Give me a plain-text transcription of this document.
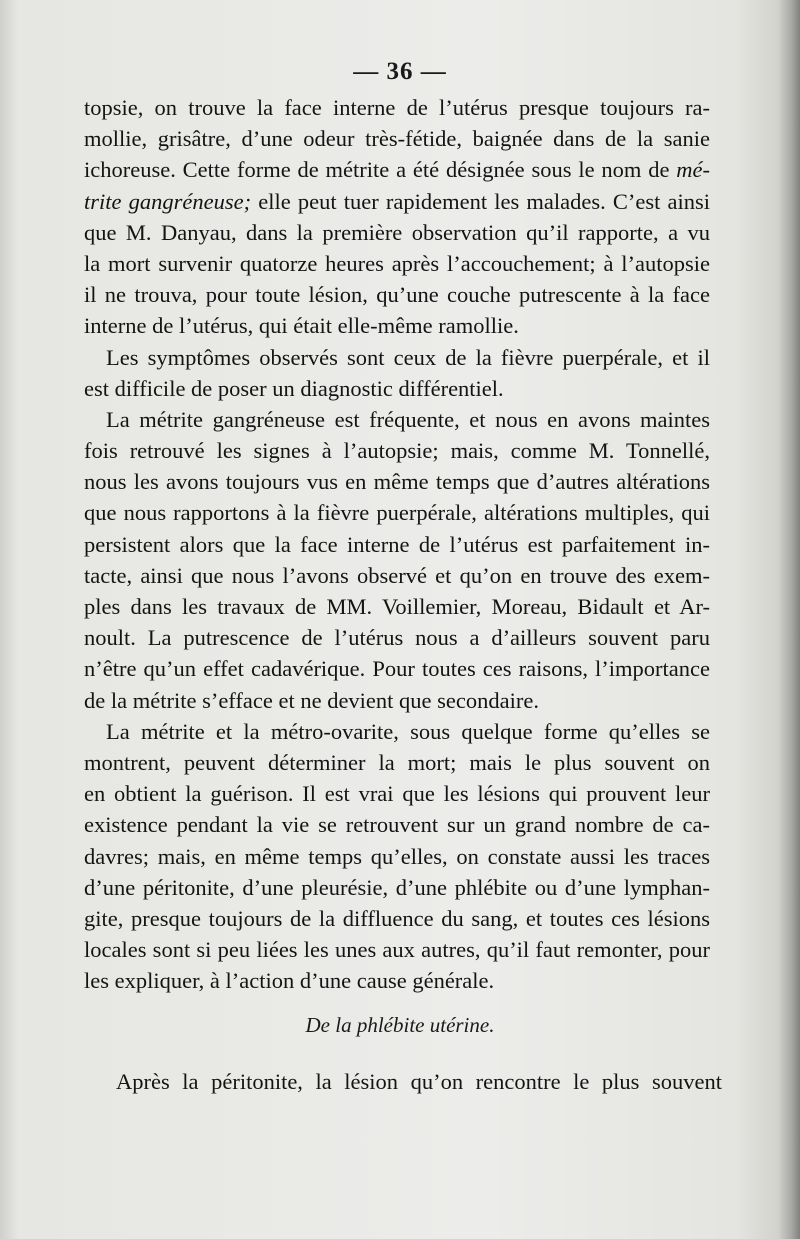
— 36 —
topsie, on trouve la face interne de l’utérus presque toujours ra-
mollie, grisâtre, d’une odeur très-fétide, baignée dans de la sanie
ichoreuse. Cette forme de métrite a été désignée sous le nom de mé-
trite gangréneuse; elle peut tuer rapidement les malades. C’est ainsi
que M. Danyau, dans la première observation qu’il rapporte, a vu
la mort survenir quatorze heures après l’accouchement; à l’autopsie
il ne trouva, pour toute lésion, qu’une couche putrescente à la face
interne de l’utérus, qui était elle-même ramollie.
Les symptômes observés sont ceux de la fièvre puerpérale, et il
est difficile de poser un diagnostic différentiel.
La métrite gangréneuse est fréquente, et nous en avons maintes
fois retrouvé les signes à l’autopsie; mais, comme M. Tonnellé,
nous les avons toujours vus en même temps que d’autres altérations
que nous rapportons à la fièvre puerpérale, altérations multiples, qui
persistent alors que la face interne de l’utérus est parfaitement in-
tacte, ainsi que nous l’avons observé et qu’on en trouve des exem-
ples dans les travaux de MM. Voillemier, Moreau, Bidault et Ar-
noult. La putrescence de l’utérus nous a d’ailleurs souvent paru
n’être qu’un effet cadavérique. Pour toutes ces raisons, l’importance
de la métrite s’efface et ne devient que secondaire.
La métrite et la métro-ovarite, sous quelque forme qu’elles se
montrent, peuvent déterminer la mort; mais le plus souvent on
en obtient la guérison. Il est vrai que les lésions qui prouvent leur
existence pendant la vie se retrouvent sur un grand nombre de ca-
davres; mais, en même temps qu’elles, on constate aussi les traces
d’une péritonite, d’une pleurésie, d’une phlébite ou d’une lymphan-
gite, presque toujours de la diffluence du sang, et toutes ces lésions
locales sont si peu liées les unes aux autres, qu’il faut remonter, pour
les expliquer, à l’action d’une cause générale.
De la phlébite utérine.
Après la péritonite, la lésion qu’on rencontre le plus souvent
